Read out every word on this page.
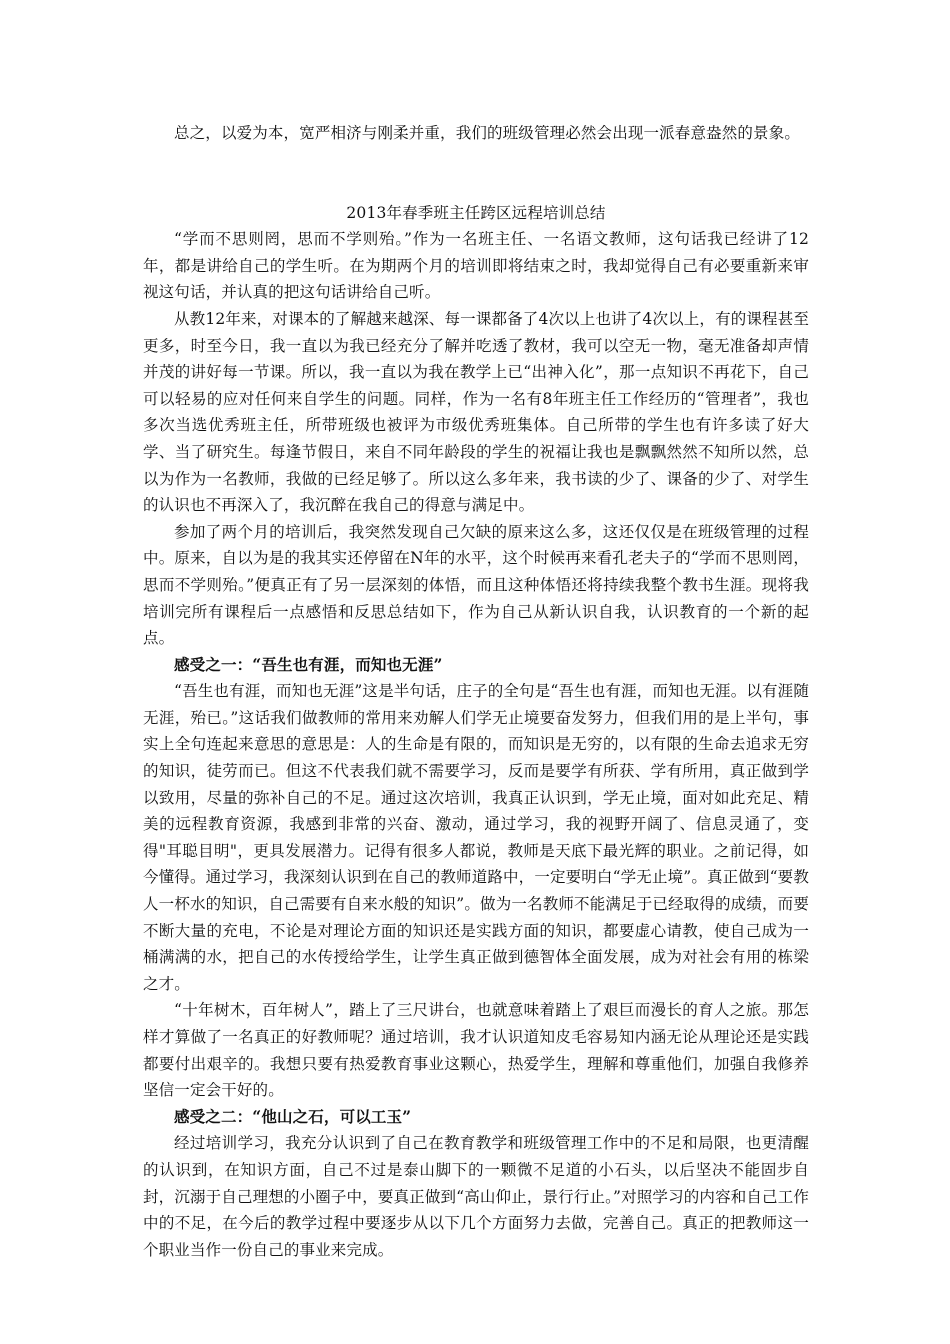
总之，以爱为本，宽严相济与刚柔并重，我们的班级管理必然会出现一派春意盎然的景象。

2013年春季班主任跨区远程培训总结

“学而不思则罔，思而不学则殆。”作为一名班主任、一名语文教师，这句话我已经讲了12年，都是讲给自己的学生听。在为期两个月的培训即将结束之时，我却觉得自己有必要重新来审视这句话，并认真的把这句话讲给自己听。

从教12年来，对课本的了解越来越深、每一课都备了4次以上也讲了4次以上，有的课程甚至更多，时至今日，我一直以为我已经充分了解并吃透了教材，我可以空无一物，毫无准备却声情并茂的讲好每一节课。所以，我一直以为我在教学上已“出神入化”，那一点知识不再花下，自己可以轻易的应对任何来自学生的问题。同样，作为一名有8年班主任工作经历的“管理者”，我也多次当选优秀班主任，所带班级也被评为市级优秀班集体。自己所带的学生也有许多读了好大学、当了研究生。每逢节假日，来自不同年龄段的学生的祝福让我也是飘飘然然不知所以然，总以为作为一名教师，我做的已经足够了。所以这么多年来，我书读的少了、课备的少了、对学生的认识也不再深入了，我沉醉在我自己的得意与满足中。

参加了两个月的培训后，我突然发现自己欠缺的原来这么多，这还仅仅是在班级管理的过程中。原来，自以为是的我其实还停留在N年的水平，这个时候再来看孔老夫子的“学而不思则罔，思而不学则殆。”便真正有了另一层深刻的体悟，而且这种体悟还将持续我整个教书生涯。现将我培训完所有课程后一点感悟和反思总结如下，作为自己从新认识自我，认识教育的一个新的起点。

感受之一：“吾生也有涯，而知也无涯”

“吾生也有涯，而知也无涯”这是半句话，庄子的全句是“吾生也有涯，而知也无涯。以有涯随无涯，殆已。”这话我们做教师的常用来劝解人们学无止境要奋发努力，但我们用的是上半句，事实上全句连起来意思的意思是：人的生命是有限的，而知识是无穷的，以有限的生命去追求无穷的知识，徒劳而已。但这不代表我们就不需要学习，反而是要学有所获、学有所用，真正做到学以致用，尽量的弥补自己的不足。通过这次培训，我真正认识到，学无止境，面对如此充足、精美的远程教育资源，我感到非常的兴奋、激动，通过学习，我的视野开阔了、信息灵通了，变得"耳聪目明"，更具发展潜力。记得有很多人都说，教师是天底下最光辉的职业。之前记得，如今懂得。通过学习，我深刻认识到在自己的教师道路中，一定要明白“学无止境”。真正做到“要教人一杯水的知识，自己需要有自来水般的知识”。做为一名教师不能满足于已经取得的成绩，而要不断大量的充电，不论是对理论方面的知识还是实践方面的知识，都要虚心请教，使自己成为一桶满满的水，把自己的水传授给学生，让学生真正做到德智体全面发展，成为对社会有用的栋梁之才。

“十年树木，百年树人”，踏上了三尺讲台，也就意味着踏上了艰巨而漫长的育人之旅。那怎样才算做了一名真正的好教师呢？通过培训，我才认识道知皮毛容易知内涵无论从理论还是实践都要付出艰辛的。我想只要有热爱教育事业这颗心，热爱学生，理解和尊重他们，加强自我修养坚信一定会干好的。

感受之二：“他山之石，可以工玉”

经过培训学习，我充分认识到了自己在教育教学和班级管理工作中的不足和局限，也更清醒的认识到，在知识方面，自己不过是泰山脚下的一颗微不足道的小石头，以后坚决不能固步自封，沉溺于自己理想的小圈子中，要真正做到“高山仰止，景行行止。”对照学习的内容和自己工作中的不足，在今后的教学过程中要逐步从以下几个方面努力去做，完善自己。真正的把教师这一个职业当作一份自己的事业来完成。
